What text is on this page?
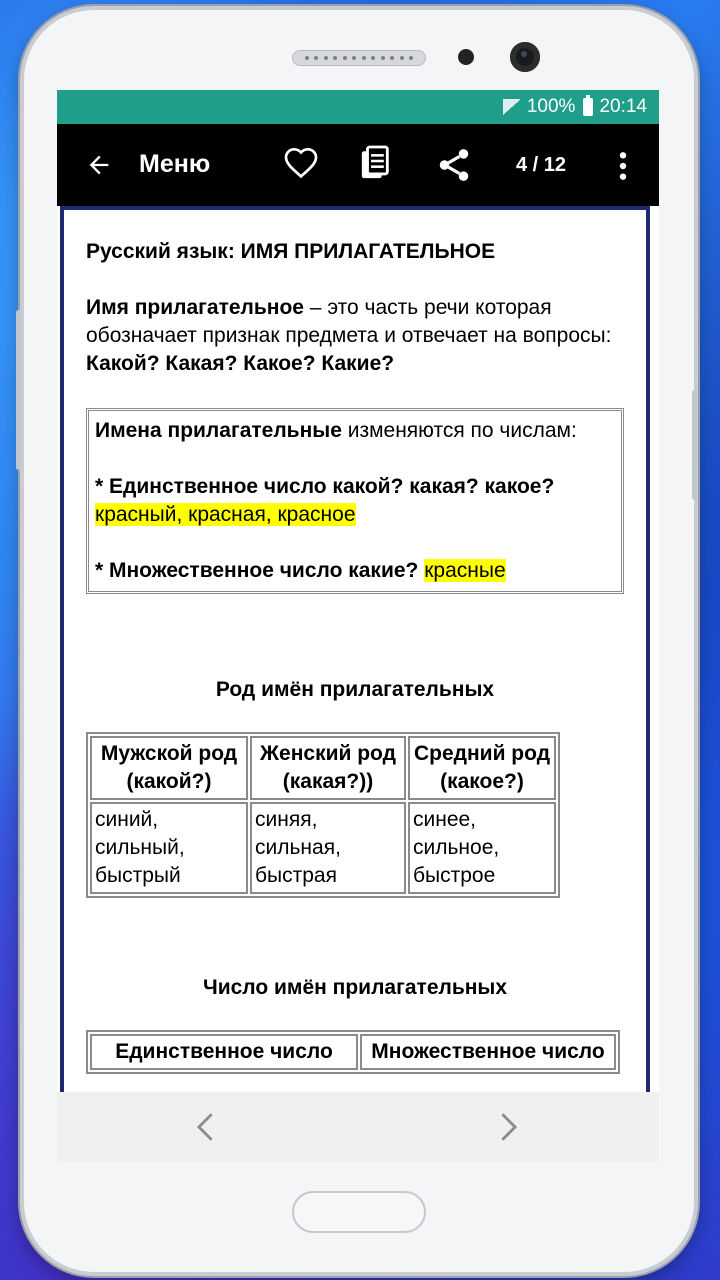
100% 20:14
Меню	4 / 12
Русский язык: ИМЯ ПРИЛАГАТЕЛЬНОЕ

Имя прилагательное – это часть речи которая обозначает признак предмета и отвечает на вопросы: Какой? Какая? Какое? Какие?

Имена прилагательные изменяются по числам:
* Единственное число какой? какая? какое?
красный, красная, красное
* Множественное число какие? красные
Род имён прилагательных
Мужской род (какой?)	Женский род (какая?))	Средний род (какое?)
синий, сильный, быстрый	синяя, сильная, быстрая	синее, сильное, быстрое
Число имён прилагательных
Единственное число	Множественное число
